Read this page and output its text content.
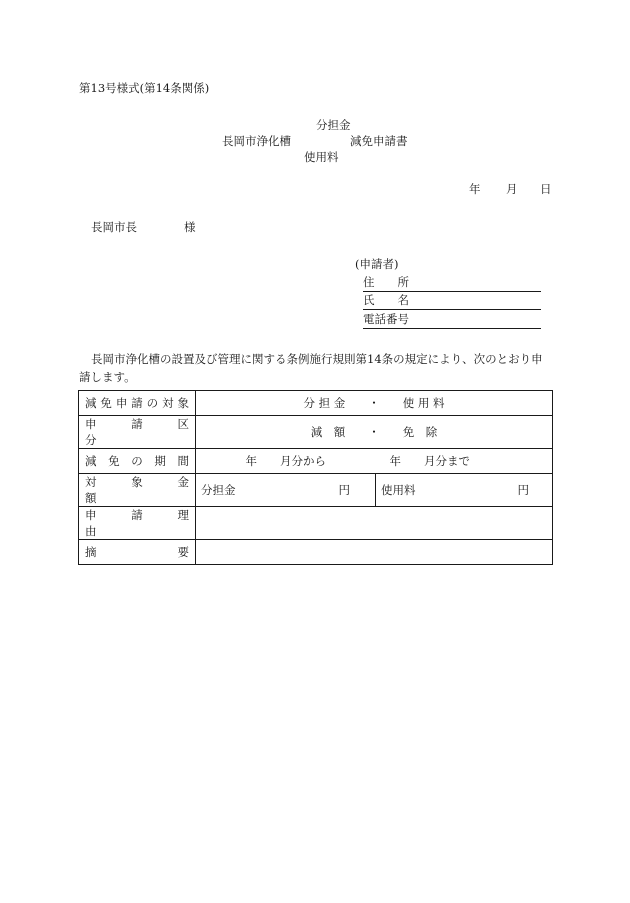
第13号様式(第14条関係)
分担金
長岡市浄化槽	減免申請書
使用料
年 月 日
長岡市長	様
(申請者)
住　　所
氏　　名
電話番号
長岡市浄化槽の設置及び管理に関する条例施行規則第14条の規定により、次のとおり申請します。
減免申請の対象	分 担 金　　・　　使 用 料	
申　　請　　区　　分	減　額　　・　　免　除	
減　免　の　期　間	年　　月分から	年　　月分まで
対　　象　　金　　額	分担金 円	使用料 円

申　　請　　理　　由		
摘　　　　　　要		
